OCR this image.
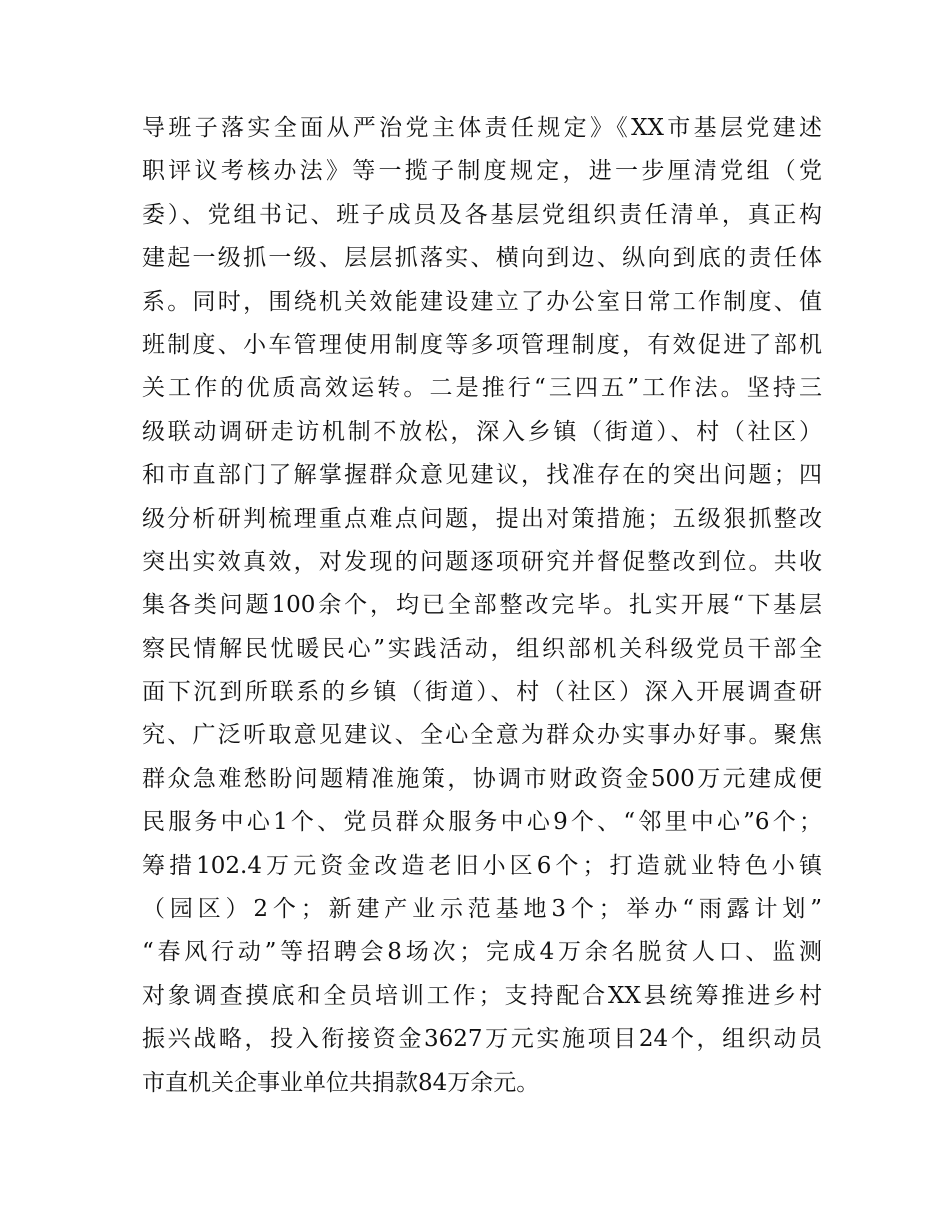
导班子落实全面从严治党主体责任规定》《XX市基层党建述
职评议考核办法》等一揽子制度规定，进一步厘清党组（党
委）、党组书记、班子成员及各基层党组织责任清单，真正构
建起一级抓一级、层层抓落实、横向到边、纵向到底的责任体
系。同时，围绕机关效能建设建立了办公室日常工作制度、值
班制度、小车管理使用制度等多项管理制度，有效促进了部机
关工作的优质高效运转。二是推行“三四五”工作法。坚持三
级联动调研走访机制不放松，深入乡镇（街道）、村（社区）
和市直部门了解掌握群众意见建议，找准存在的突出问题；四
级分析研判梳理重点难点问题，提出对策措施；五级狠抓整改
突出实效真效，对发现的问题逐项研究并督促整改到位。共收
集各类问题100余个，均已全部整改完毕。扎实开展“下基层
察民情解民忧暖民心”实践活动，组织部机关科级党员干部全
面下沉到所联系的乡镇（街道）、村（社区）深入开展调查研
究、广泛听取意见建议、全心全意为群众办实事办好事。聚焦
群众急难愁盼问题精准施策，协调市财政资金500万元建成便
民服务中心1个、党员群众服务中心9个、“邻里中心”6个；
筹措102.4万元资金改造老旧小区6个；打造就业特色小镇
（园区）2个；新建产业示范基地3个；举办“雨露计划”
“春风行动”等招聘会8场次；完成4万余名脱贫人口、监测
对象调查摸底和全员培训工作；支持配合XX县统筹推进乡村
振兴战略，投入衔接资金3627万元实施项目24个，组织动员
市直机关企事业单位共捐款84万余元。
